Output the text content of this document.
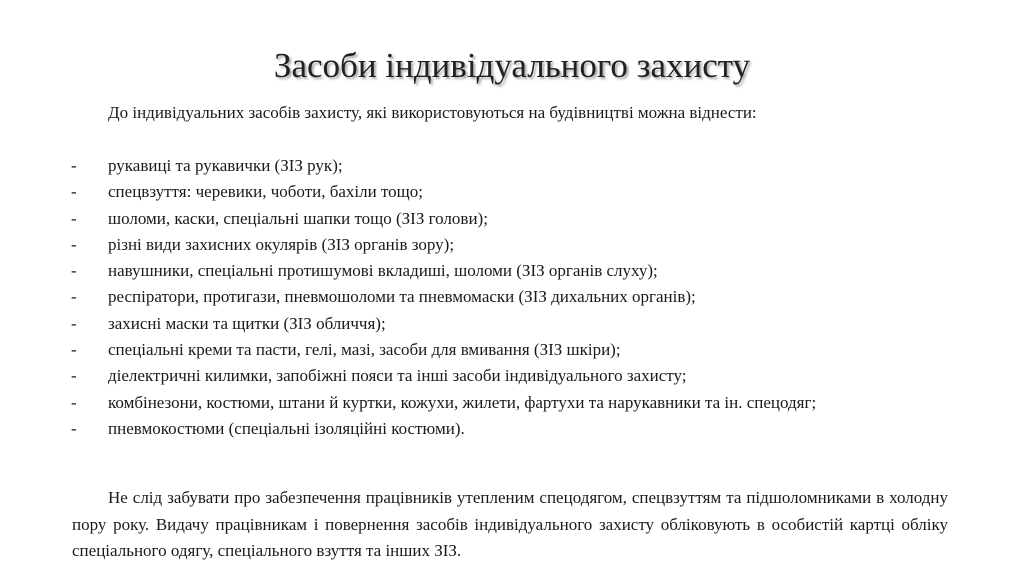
Засоби індивідуального захисту
До індивідуальних засобів захисту, які використовуються на будівництві можна віднести:
-	рукавиці та рукавички (ЗІЗ рук);
-	спецвзуття: черевики, чоботи, бахіли тощо;
-	шоломи, каски, спеціальні шапки тощо (ЗІЗ голови);
-	різні види захисних окулярів (ЗІЗ органів зору);
-	навушники, спеціальні протишумові вкладиші, шоломи (ЗІЗ органів слуху);
-	респіратори, протигази, пневмошоломи та пневмомаски (ЗІЗ дихальних органів);
-	захисні маски та щитки (ЗІЗ обличчя);
-	спеціальні креми та пасти, гелі, мазі, засоби для вмивання (ЗІЗ шкіри);
-	діелектричні килимки, запобіжні пояси та інші засоби індивідуального захисту;
-	комбінезони, костюми, штани й куртки, кожухи, жилети, фартухи та нарукавники та ін. спецодяг;
-	пневмокостюми (спеціальні ізоляційні костюми).

Не слід забувати про забезпечення працівників утепленим спецодягом, спецвзуттям та підшоломниками в холодну пору року. Видачу працівникам і повернення засобів індивідуального захисту обліковують в особистій картці обліку спеціального одягу, спеціального взуття та інших ЗІЗ.
